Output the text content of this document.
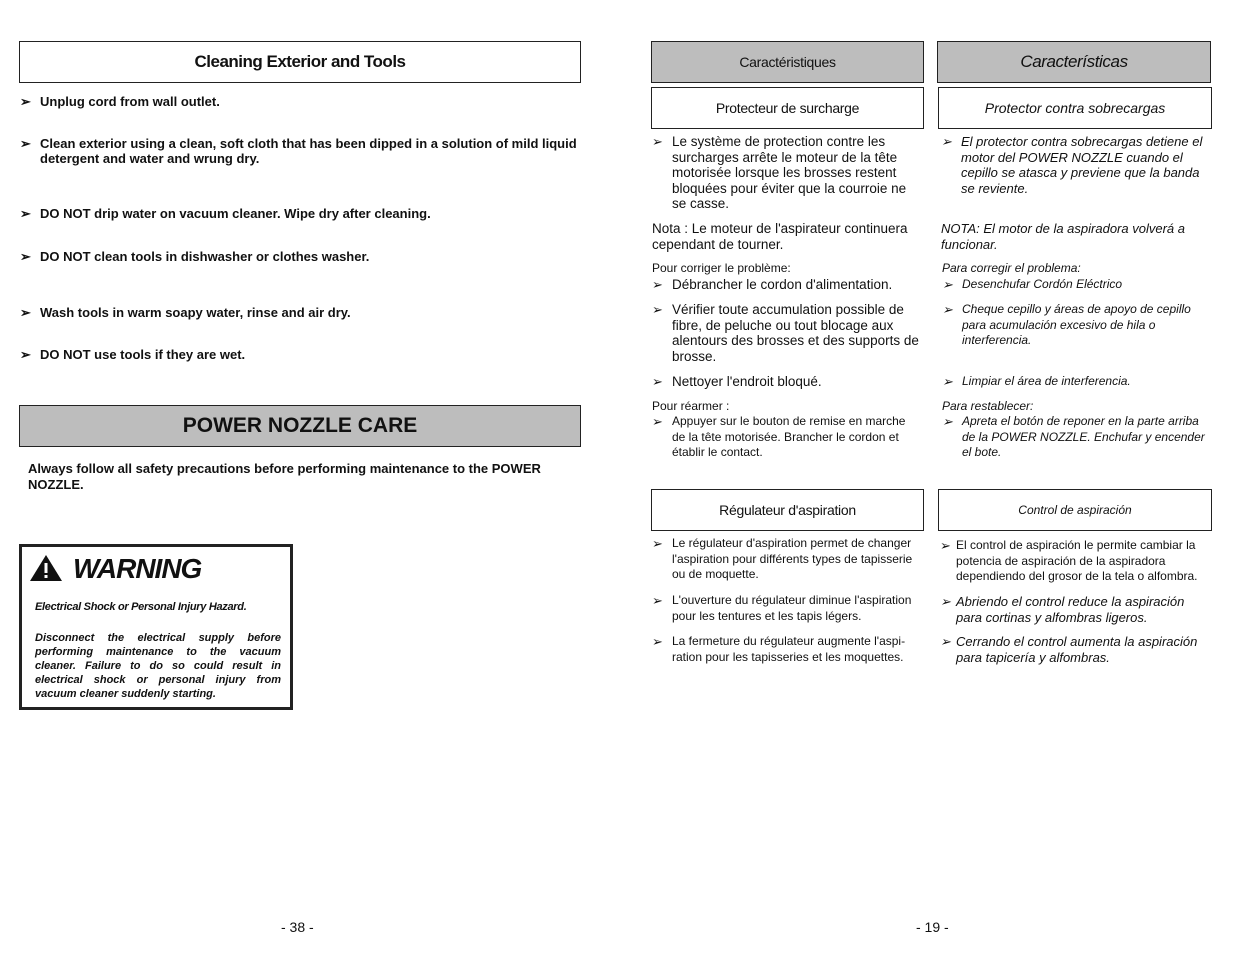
Cleaning Exterior and Tools
➢ Unplug cord from wall outlet.
➢ Clean exterior using a clean, soft cloth that has been dipped in a solution of mild liquid detergent and water and wrung dry.
➢ DO NOT drip water on vacuum cleaner. Wipe dry after cleaning.
➢ DO NOT clean tools in dishwasher or clothes washer.
➢ Wash tools in warm soapy water, rinse and air dry.
➢ DO NOT use tools if they are wet.
POWER NOZZLE CARE
Always follow all safety precautions before performing maintenance to the POWER NOZZLE.
WARNING
Electrical Shock or Personal Injury Hazard.
Disconnect the electrical supply before performing maintenance to the vacuum cleaner. Failure to do so could result in electrical shock or personal injury from vacuum cleaner suddenly starting.
- 38 -
Caractéristiques
Protecteur de surcharge
➢ Le système de protection contre les surcharges arrête le moteur de la tête motorisée lorsque les brosses restent bloquées pour éviter que la courroie ne se casse.
Nota : Le moteur de l'aspirateur continuera cependant de tourner.
Pour corriger le problème:
➢ Débrancher le cordon d'alimentation.
➢ Vérifier toute accumulation possible de fibre, de peluche ou tout blocage aux alentours des brosses et des supports de brosse.
➢ Nettoyer l'endroit bloqué.
Pour réarmer :
➢ Appuyer sur le bouton de remise en marche de la tête motorisée. Brancher le cordon et établir le contact.
Régulateur d'aspiration
➢ Le régulateur d'aspiration permet de changer l'aspiration pour différents types de tapisserie ou de moquette.
➢ L'ouverture du régulateur diminue l'aspiration pour les tentures et les tapis légers.
➢ La fermeture du régulateur augmente l'aspi-ration pour les tapisseries et les moquettes.
- 19 -
Características
Protector contra sobrecargas
➢ El protector contra sobrecargas detiene el motor del POWER NOZZLE cuando el cepillo se atasca y previene que la banda se reviente.
NOTA: El motor de la aspiradora volverá a funcionar.
Para corregir el problema:
➢ Desenchufar Cordón Eléctrico
➢ Cheque cepillo y áreas de apoyo de cepillo para acumulación excesivo de hila o interferencia.
➢ Limpiar el área de interferencia.
Para restablecer:
➢ Apreta el botón de reponer en la parte arriba de la POWER NOZZLE. Enchufar y encender el bote.
Control de aspiración
➢ El control de aspiración le permite cambiar la potencia de aspiración de la aspiradora dependiendo del grosor de la tela o alfombra.
➢ Abriendo el control reduce la aspiración para cortinas y alfombras ligeros.
➢ Cerrando el control aumenta la aspiración para tapicería y alfombras.
